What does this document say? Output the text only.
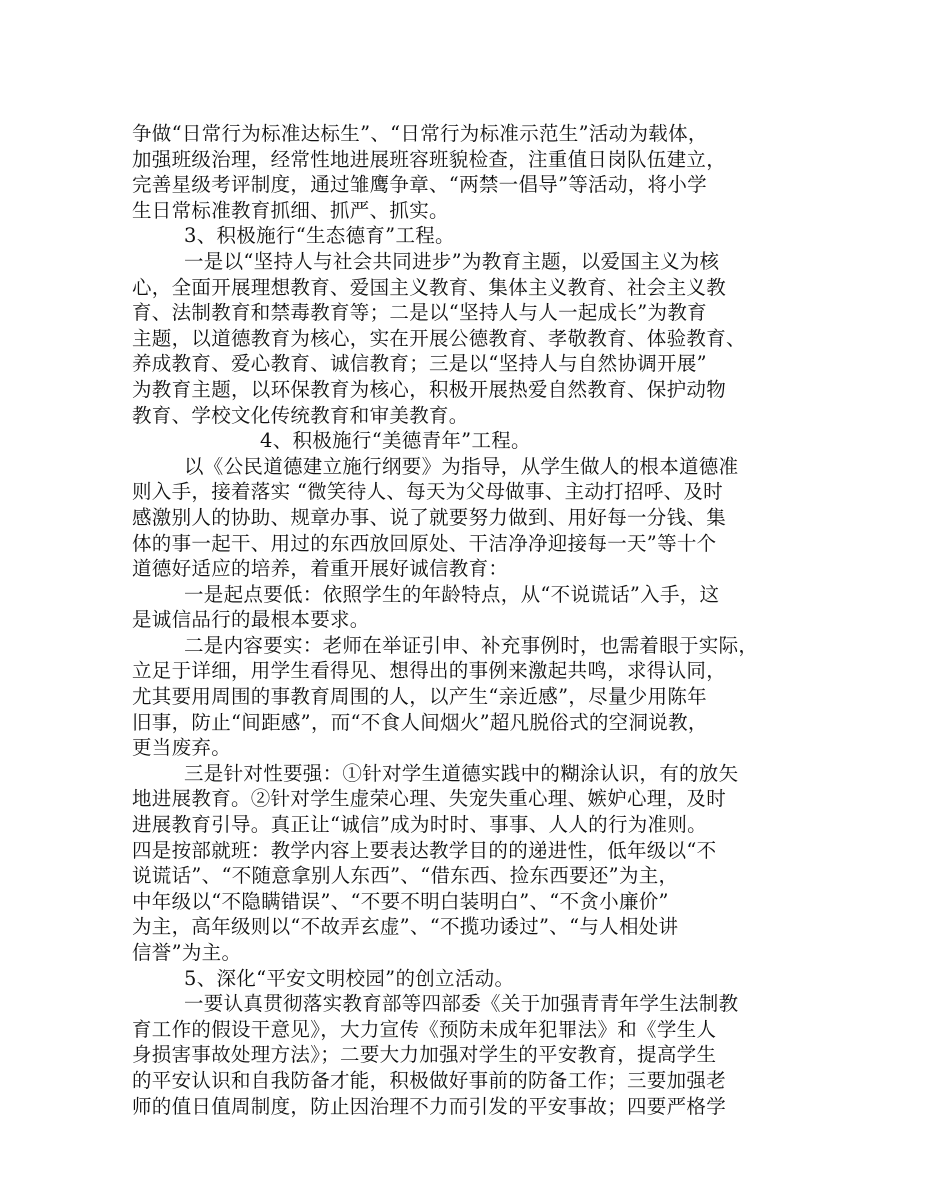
争做“日常行为标准达标生”、“日常行为标准示范生”活动为载体，
加强班级治理，经常性地进展班容班貌检查，注重值日岗队伍建立，
完善星级考评制度，通过雏鹰争章、“两禁一倡导”等活动，将小学
生日常标准教育抓细、抓严、抓实。
3、积极施行“生态德育”工程。
一是以“坚持人与社会共同进步”为教育主题，以爱国主义为核
心，全面开展理想教育、爱国主义教育、集体主义教育、社会主义教
育、法制教育和禁毒教育等；二是以“坚持人与人一起成长”为教育
主题，以道德教育为核心，实在开展公德教育、孝敬教育、体验教育、
养成教育、爱心教育、诚信教育；三是以“坚持人与自然协调开展”
为教育主题，以环保教育为核心，积极开展热爱自然教育、保护动物
教育、学校文化传统教育和审美教育。
4、积极施行“美德青年”工程。
以《公民道德建立施行纲要》为指导，从学生做人的根本道德准
则入手，接着落实 “微笑待人、每天为父母做事、主动打招呼、及时
感激别人的协助、规章办事、说了就要努力做到、用好每一分钱、集
体的事一起干、用过的东西放回原处、干洁净净迎接每一天”等十个
道德好适应的培养，着重开展好诚信教育：
一是起点要低：依照学生的年龄特点，从“不说谎话”入手，这
是诚信品行的最根本要求。
二是内容要实：老师在举证引申、补充事例时，也需着眼于实际，
立足于详细，用学生看得见、想得出的事例来激起共鸣，求得认同，
尤其要用周围的事教育周围的人，以产生“亲近感”，尽量少用陈年
旧事，防止“间距感”，而“不食人间烟火”超凡脱俗式的空洞说教，
更当废弃。
三是针对性要强：①针对学生道德实践中的糊涂认识，有的放矢
地进展教育。②针对学生虚荣心理、失宠失重心理、嫉妒心理，及时
进展教育引导。真正让“诚信”成为时时、事事、人人的行为准则。
四是按部就班：教学内容上要表达教学目的的递进性，低年级以“不
说谎话”、“不随意拿别人东西”、“借东西、捡东西要还”为主，
中年级以“不隐瞒错误”、“不要不明白装明白”、“不贪小廉价”
为主，高年级则以“不故弄玄虚”、“不揽功诿过”、“与人相处讲
信誉”为主。
5、深化“平安文明校园”的创立活动。
一要认真贯彻落实教育部等四部委《关于加强青青年学生法制教
育工作的假设干意见》，大力宣传《预防未成年犯罪法》和《学生人
身损害事故处理方法》；二要大力加强对学生的平安教育，提高学生
的平安认识和自我防备才能，积极做好事前的防备工作；三要加强老
师的值日值周制度，防止因治理不力而引发的平安事故；四要严格学
